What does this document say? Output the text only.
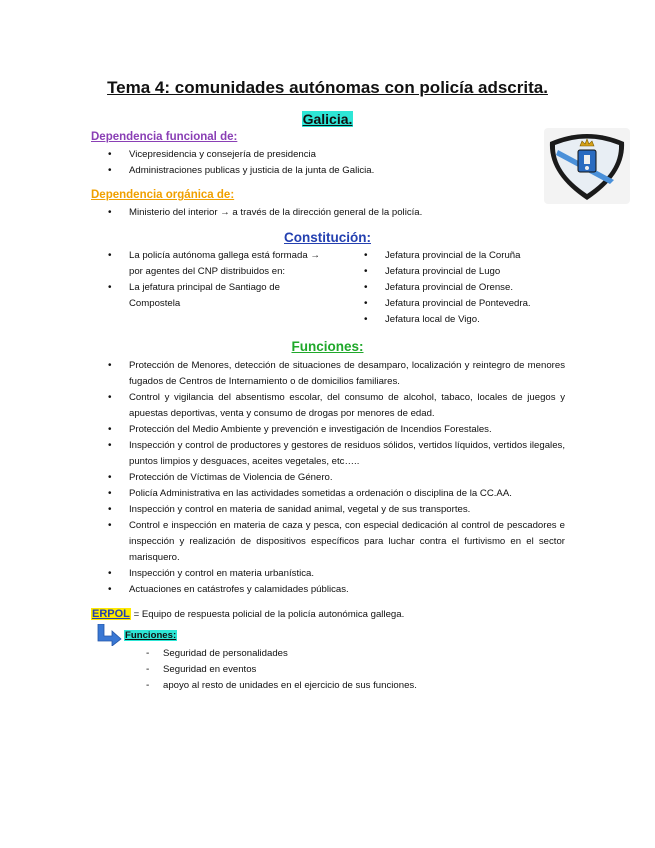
Tema 4: comunidades autónomas con policía adscrita.
Galicia.
Dependencia funcional de:
• Vicepresidencia y consejería de presidencia
• Administraciones publicas y justicia de la junta de Galicia.
Dependencia orgánica de:
• Ministerio del interior → a través de la dirección general de la policía.
Constitución:
• La policía autónoma gallega está formada → por agentes del CNP distribuidos en:
• La jefatura principal de Santiago de Compostela
• Jefatura provincial de la Coruña
• Jefatura provincial de Lugo
• Jefatura provincial de Orense.
• Jefatura provincial de Pontevedra.
• Jefatura local de Vigo.
Funciones:
• Protección de Menores, detección de situaciones de desamparo, localización y reintegro de menores fugados de Centros de Internamiento o de domicilios familiares.
• Control y vigilancia del absentismo escolar, del consumo de alcohol, tabaco, locales de juegos y apuestas deportivas, venta y consumo de drogas por menores de edad.
• Protección del Medio Ambiente y prevención e investigación de Incendios Forestales.
• Inspección y control de productores y gestores de residuos sólidos, vertidos líquidos, vertidos ilegales, puntos limpios y desguaces, aceites vegetales, etc…..
• Protección de Víctimas de Violencia de Género.
• Policía Administrativa en las actividades sometidas a ordenación o disciplina de la CC.AA.
• Inspección y control en materia de sanidad animal, vegetal y de sus transportes.
• Control e inspección en materia de caza y pesca, con especial dedicación al control de pescadores e inspección y realización de dispositivos específicos para luchar contra el furtivismo en el sector marisquero.
• Inspección y control en materia urbanística.
• Actuaciones en catástrofes y calamidades públicas.
ERPOL = Equipo de respuesta policial de la policía autonómica gallega.
Funciones:
- Seguridad de personalidades
- Seguridad en eventos
- apoyo al resto de unidades en el ejercicio de sus funciones.
